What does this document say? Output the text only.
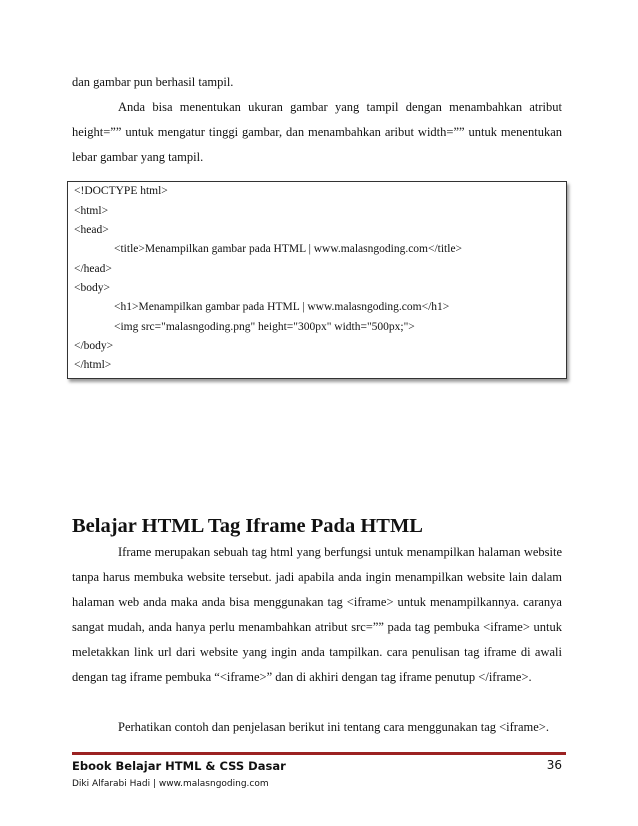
dan gambar pun berhasil tampil.

Anda bisa menentukan ukuran gambar yang tampil dengan menambahkan atribut height=”” untuk mengatur tinggi gambar, dan menambahkan aribut width=”” untuk menentukan lebar gambar yang tampil.

<!DOCTYPE html>
<html>
<head>
<title>Menampilkan gambar pada HTML | www.malasngoding.com</title>
</head>
<body>
<h1>Menampilkan gambar pada HTML | www.malasngoding.com</h1>
<img src="malasngoding.png" height="300px" width="500px;">
</body>
</html>
Belajar HTML Tag Iframe Pada HTML

Iframe merupakan sebuah tag html yang berfungsi untuk menampilkan halaman website tanpa harus membuka website tersebut. jadi apabila anda ingin menampilkan website lain dalam halaman web anda maka anda bisa menggunakan tag <iframe> untuk menampilkannya. caranya sangat mudah, anda hanya perlu menambahkan atribut src=”” pada tag pembuka <iframe> untuk meletakkan link url dari website yang ingin anda tampilkan. cara penulisan tag iframe di awali dengan tag iframe pembuka “<iframe>” dan di akhiri dengan tag iframe penutup </iframe>.

Perhatikan contoh dan penjelasan berikut ini tentang cara menggunakan tag <iframe>.

Ebook Belajar HTML & CSS Dasar
Diki Alfarabi Hadi | www.malasngoding.com
36
